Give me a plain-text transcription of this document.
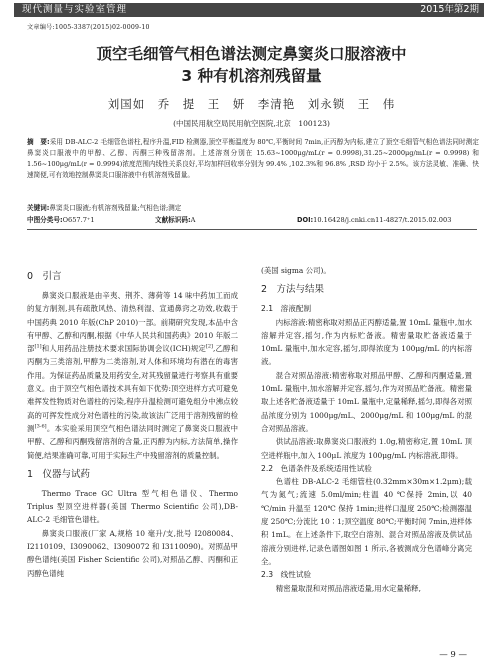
现代测量与实验室管理	2015年第2期
文章编号:1005-3387(2015)02-0009-10
顶空毛细管气相色谱法测定鼻窦炎口服溶液中
3 种有机溶剂残留量
刘国如　乔　提　王　妍　李清艳　刘永锁　王　伟
(中国民用航空局民用航空医院,北京　100123)
摘　要:采用 DB-ALC-2 毛细管色谱柱,程序升温,FID 检测器,顶空平衡温度为 80℃,平衡时间 7min,正丙醇为内标,建立了顶空毛细管气相色谱法同时测定鼻窦炎口服液中的甲醇、乙醇、丙酮三种残留溶剂。上述溶剂分别在 15.63~1000μg/mL(r = 0.9998),31.25~2000μg/mL(r = 0.9998) 和 1.56~100μg/mL(r = 0.9994)浓度范围内线性关系良好,平均加样回收率分别为 99.4% ,102.3%和 96.8% ,RSD 均小于 2.5%。该方法灵敏、准确、快速简便,可有效地控制鼻窦炎口服溶液中有机溶剂残留量。
关键词:鼻窦炎口服液;有机溶剂残留量;气相色谱;测定
中图分类号:O657.7⁺1	文献标识码:A	DOI:10.16428/j.cnki.cn11-4827/t.2015.02.003
0　引言

鼻窦炎口服液是由辛夷、荆芥、薄荷等 14 味中药加工而成的复方制剂,具有疏散风热、清热利湿、宣通鼻窍之功效,收载于中国药典 2010 年版(ChP 2010)一部。前期研究发现,本品中含有甲醇、乙醇和丙酮,根据《中华人民共和国药典》2010 年版二部[1]和人用药品注册技术要求国际协调会议(ICH)规定[2],乙醇和丙酮为三类溶剂,甲醇为二类溶剂,对人体和环境均有潜在的毒害作用。为保证药品质量及用药安全,对其残留量进行考察具有重要意义。由于顶空气相色谱技术具有如下优势:顶空进样方式可避免难挥发性物质对色谱柱的污染,程序升温检测可避免组分中沸点较高的可挥发性成分对色谱柱的污染,故该法广泛用于溶剂残留的检测[3-6]。本实验采用顶空气相色谱法同时测定了鼻窦炎口服液中甲醇、乙醇和丙酮残留溶剂的含量,正丙醇为内标,方法简单,操作简便,结果准确可靠,可用于实际生产中残留溶剂的质量控制。

1　仪器与试药

Thermo Trace GC Ultra 型气相色谱仪、Thermo Triplus 型顶空进样器(美国 Thermo Scientific 公司),DB-ALC-2 毛细管色谱柱。

鼻窦炎口服液(厂家 A,规格 10 毫升/支,批号 I2080084、I2110109、I3090062、I3090072 和 I3110090)。对照品甲醇色谱纯(美国 Fisher Scientific 公司),对照品乙醇、丙酮和正丙醇色谱纯

(美国 sigma 公司)。

2　方法与结果
2.1　溶液配制

内标溶液:精密称取对照品正丙醇适量,置 10mL 量瓶中,加水溶解并定容,摇匀,作为内标贮备液。精密量取贮备液适量于 10mL 量瓶中,加水定容,摇匀,即得浓度为 100μg/mL 的内标溶液。

混合对照品溶液:精密称取对照品甲醇、乙醇和丙酮适量,置 10mL 量瓶中,加水溶解并定容,摇匀,作为对照品贮备液。精密量取上述各贮备液适量于 10mL 量瓶中,定量稀释,摇匀,即得各对照品浓度分别为 1000μg/mL、2000μg/mL 和 100μg/mL 的混合对照品溶液。

供试品溶液:取鼻窦炎口服液约 1.0g,精密称定,置 10mL 顶空进样瓶中,加入 100μL 浓度为 100μg/mL 内标溶液,即得。

2.2　色谱条件及系统适用性试验

色谱柱 DB-ALC-2 毛细管柱(0.32mm×30m×1.2μm);载气为氮气;流速 5.0ml/min;柱温 40 ℃保持 2min,以 40 ℃/min 升温至 120℃ 保持 1min;进样口温度 250℃;检测器温度 250℃;分流比 10∶1;顶空温度 80℃;平衡时间 7min,进样体积 1mL。在上述条件下,取空白溶剂、混合对照品溶液及供试品溶液分别进样,记录色谱图如图 1 所示,各被测成分色谱峰分离完全。

2.3　线性试验

精密量取混和对照品溶液适量,用水定量稀释,

— 9 —
